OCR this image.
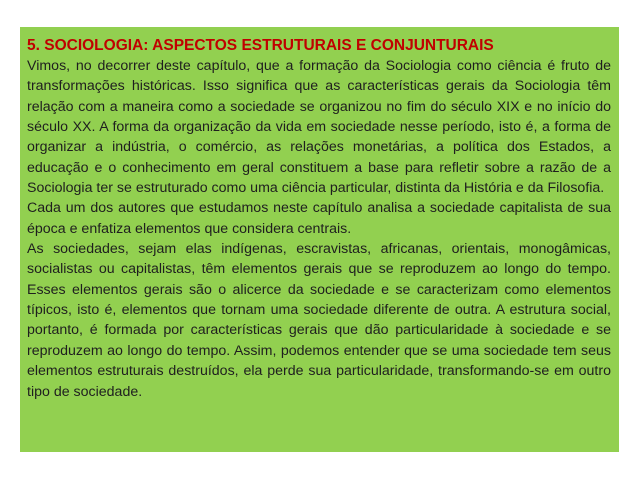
5. SOCIOLOGIA: ASPECTOS ESTRUTURAIS E CONJUNTURAIS

Vimos, no decorrer deste capítulo, que a formação da Sociologia como ciência é fruto de transformações históricas. Isso significa que as características gerais da Sociologia têm relação com a maneira como a sociedade se organizou no fim do século XIX e no início do século XX. A forma da organização da vida em sociedade nesse período, isto é, a forma de organizar a indústria, o comércio, as relações monetárias, a política dos Estados, a educação e o conhecimento em geral constituem a base para refletir sobre a razão de a Sociologia ter se estruturado como uma ciência particular, distinta da História e da Filosofia.

Cada um dos autores que estudamos neste capítulo analisa a sociedade capitalista de sua época e enfatiza elementos que considera centrais.

As sociedades, sejam elas indígenas, escravistas, africanas, orientais, monogâmicas, socialistas ou capitalistas, têm elementos gerais que se reproduzem ao longo do tempo. Esses elementos gerais são o alicerce da sociedade e se caracterizam como elementos típicos, isto é, elementos que tornam uma sociedade diferente de outra. A estrutura social, portanto, é formada por características gerais que dão particularidade à sociedade e se reproduzem ao longo do tempo. Assim, podemos entender que se uma sociedade tem seus elementos estruturais destruídos, ela perde sua particularidade, transformando-se em outro tipo de sociedade.
